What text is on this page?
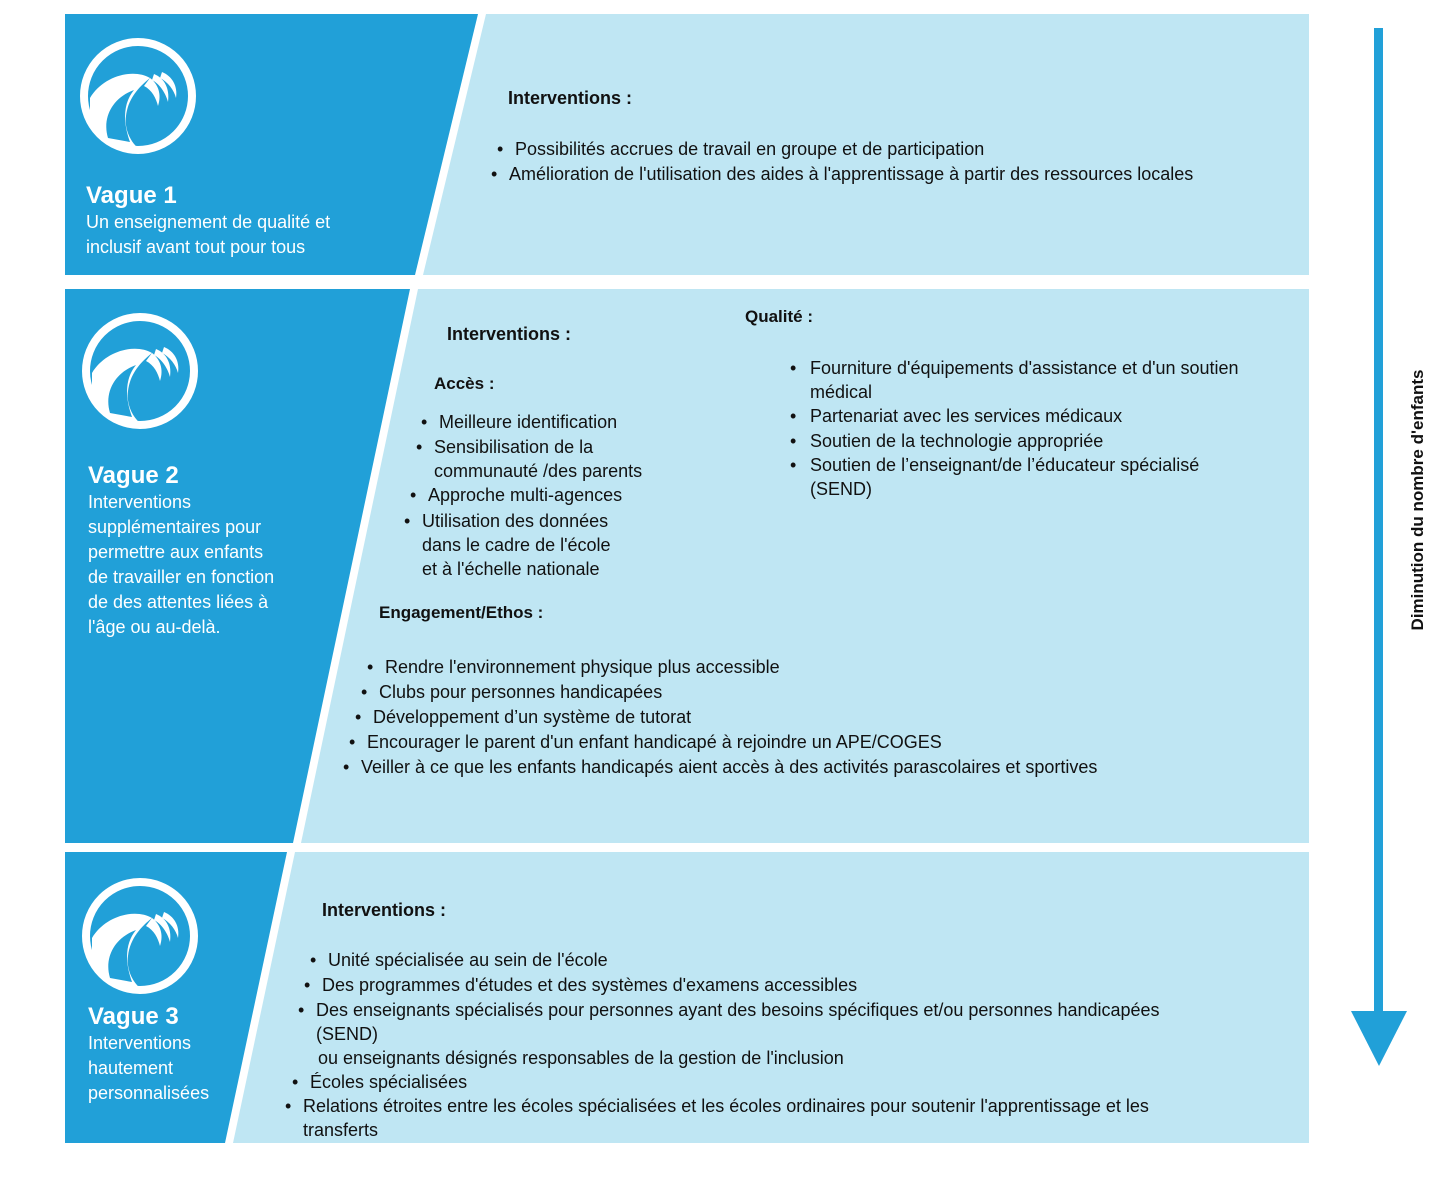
Vague 1
Un enseignement de qualité et
inclusif avant tout pour tous
Interventions :
• Possibilités accrues de travail en groupe et de participation
• Amélioration de l'utilisation des aides à l'apprentissage à partir des ressources locales
Vague 2
Interventions
supplémentaires pour
permettre aux enfants
de travailler en fonction
de des attentes liées à
l'âge ou au-delà.
Interventions :
Accès :
• Meilleure identification
• Sensibilisation de la
communauté /des parents
• Approche multi-agences
• Utilisation des données
dans le cadre de l'école
et à l'échelle nationale
Qualité :
• Fourniture d'équipements d'assistance et d'un soutien
médical
• Partenariat avec les services médicaux
• Soutien de la technologie appropriée
• Soutien de l’enseignant/de l’éducateur spécialisé
(SEND)
Engagement/Ethos :
• Rendre l'environnement physique plus accessible
• Clubs pour personnes handicapées
• Développement d’un système de tutorat
• Encourager le parent d'un enfant handicapé à rejoindre un APE/COGES
• Veiller à ce que les enfants handicapés aient accès à des activités parascolaires et sportives
Vague 3
Interventions
hautement
personnalisées
Interventions :
• Unité spécialisée au sein de l'école
• Des programmes d'études et des systèmes d'examens accessibles
• Des enseignants spécialisés pour personnes ayant des besoins spécifiques et/ou personnes handicapées
(SEND)
ou enseignants désignés responsables de la gestion de l'inclusion
• Écoles spécialisées
• Relations étroites entre les écoles spécialisées et les écoles ordinaires pour soutenir l'apprentissage et les
transferts
Diminution du nombre d'enfants
